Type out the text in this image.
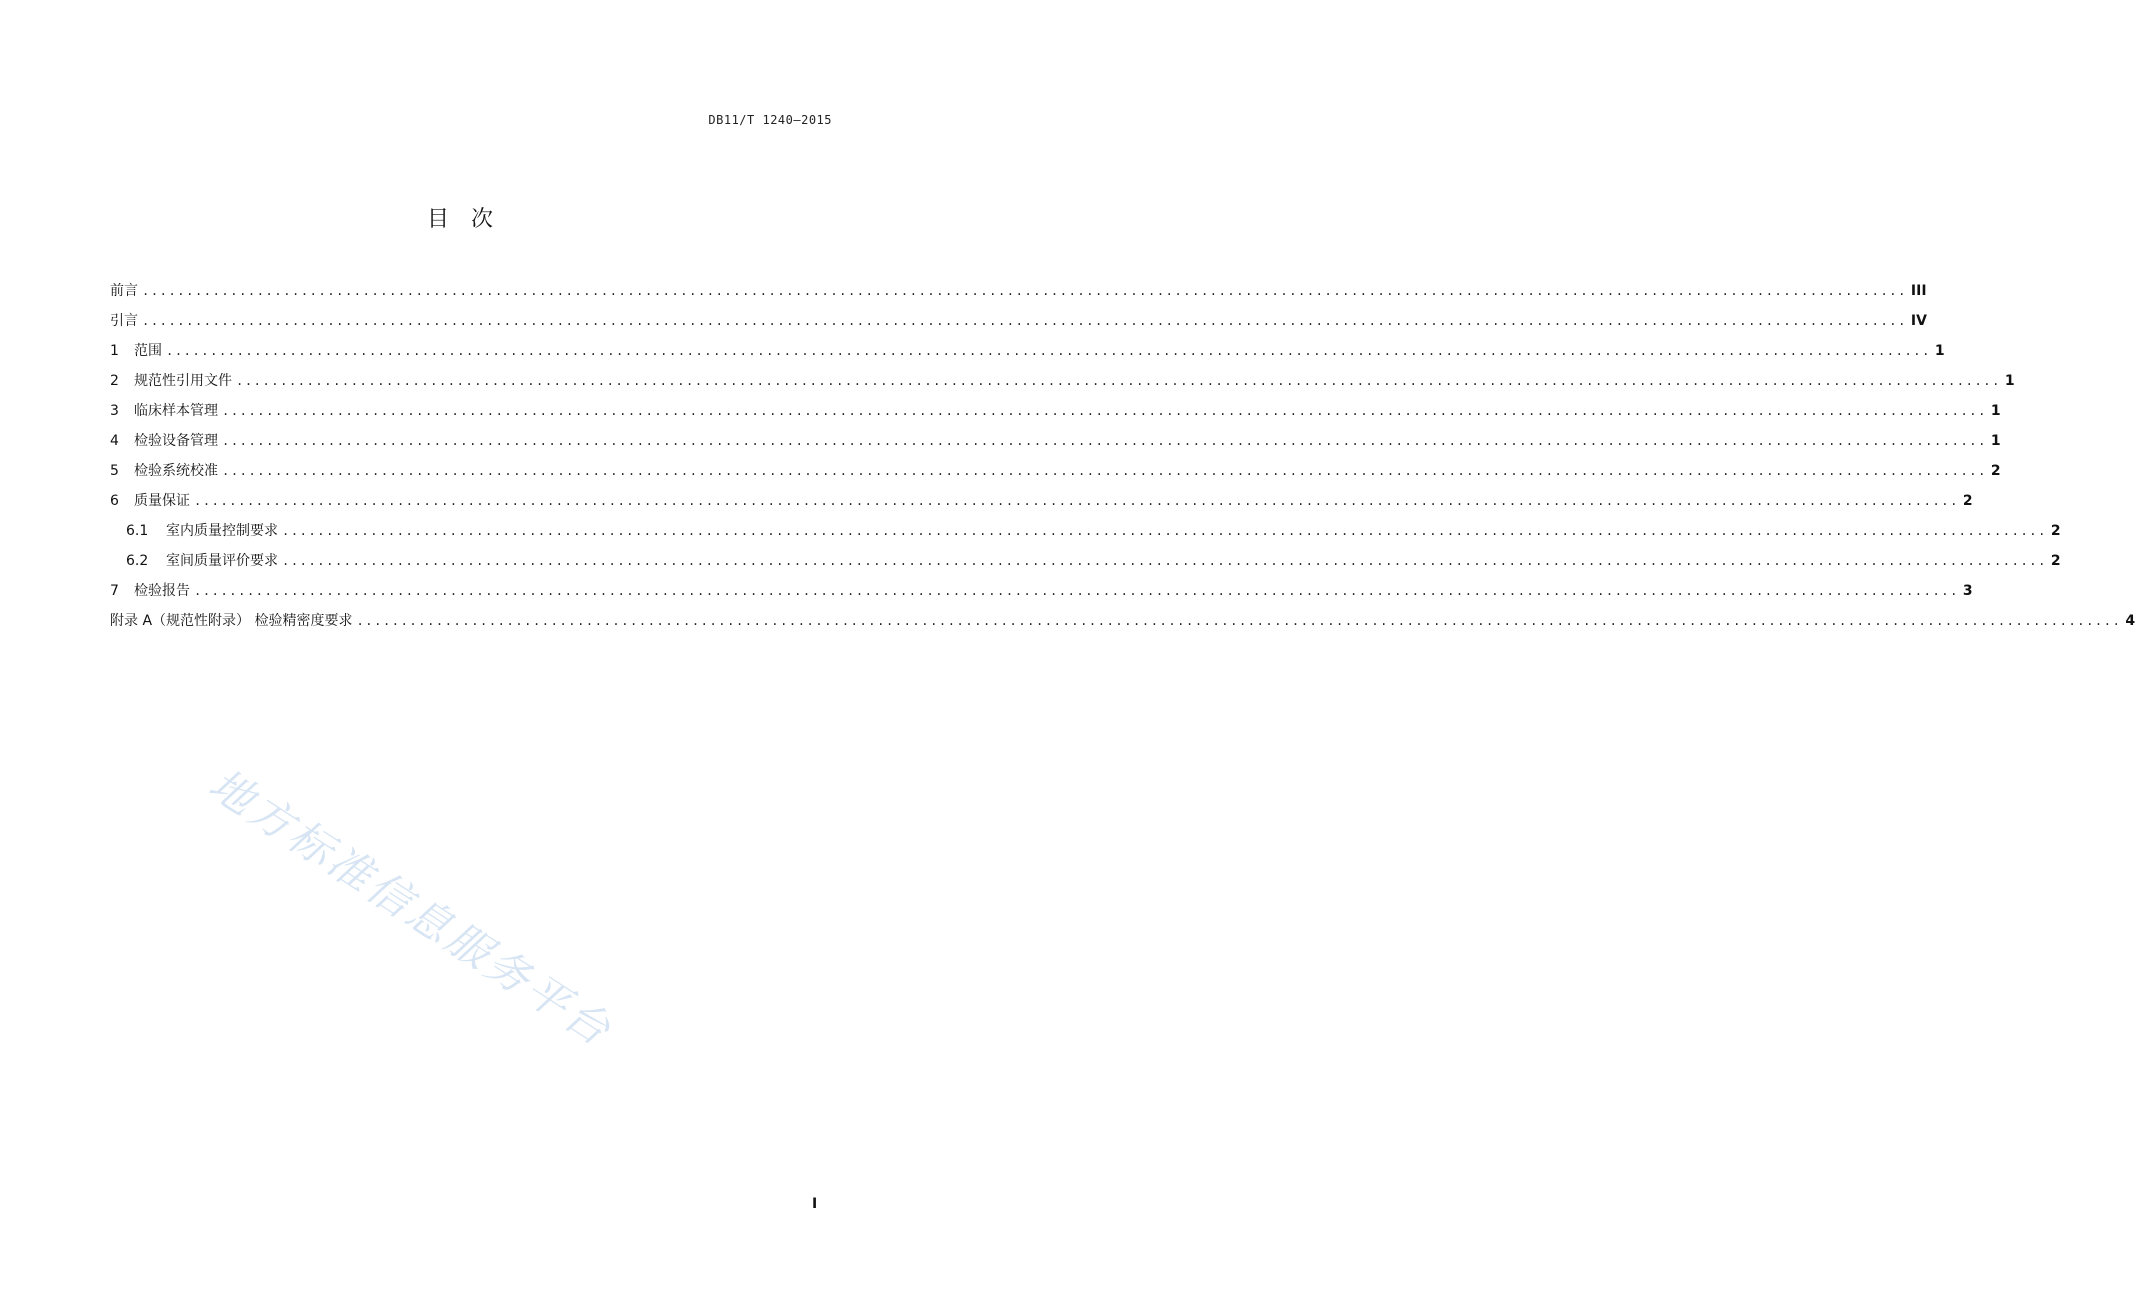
DB11/T 1240—2015
目次
前言 ........................................................................................................................................................................................................ III
引言 ........................................................................................................................................................................................................ IV
1	范围 ........................................................................................................................................................................................................ 1
2	规范性引用文件 ........................................................................................................................................................................................................ 1
3	临床样本管理 ........................................................................................................................................................................................................ 1
4	检验设备管理 ........................................................................................................................................................................................................ 1
5	检验系统校准 ........................................................................................................................................................................................................ 2
6	质量保证 ........................................................................................................................................................................................................ 2
6.1	室内质量控制要求 ........................................................................................................................................................................................................ 2
6.2	室间质量评价要求 ........................................................................................................................................................................................................ 2
7	检验报告 ........................................................................................................................................................................................................ 3
附录 A（规范性附录） 检验精密度要求 ........................................................................................................................................................................................................ 4
地方标准信息服务平台
I
